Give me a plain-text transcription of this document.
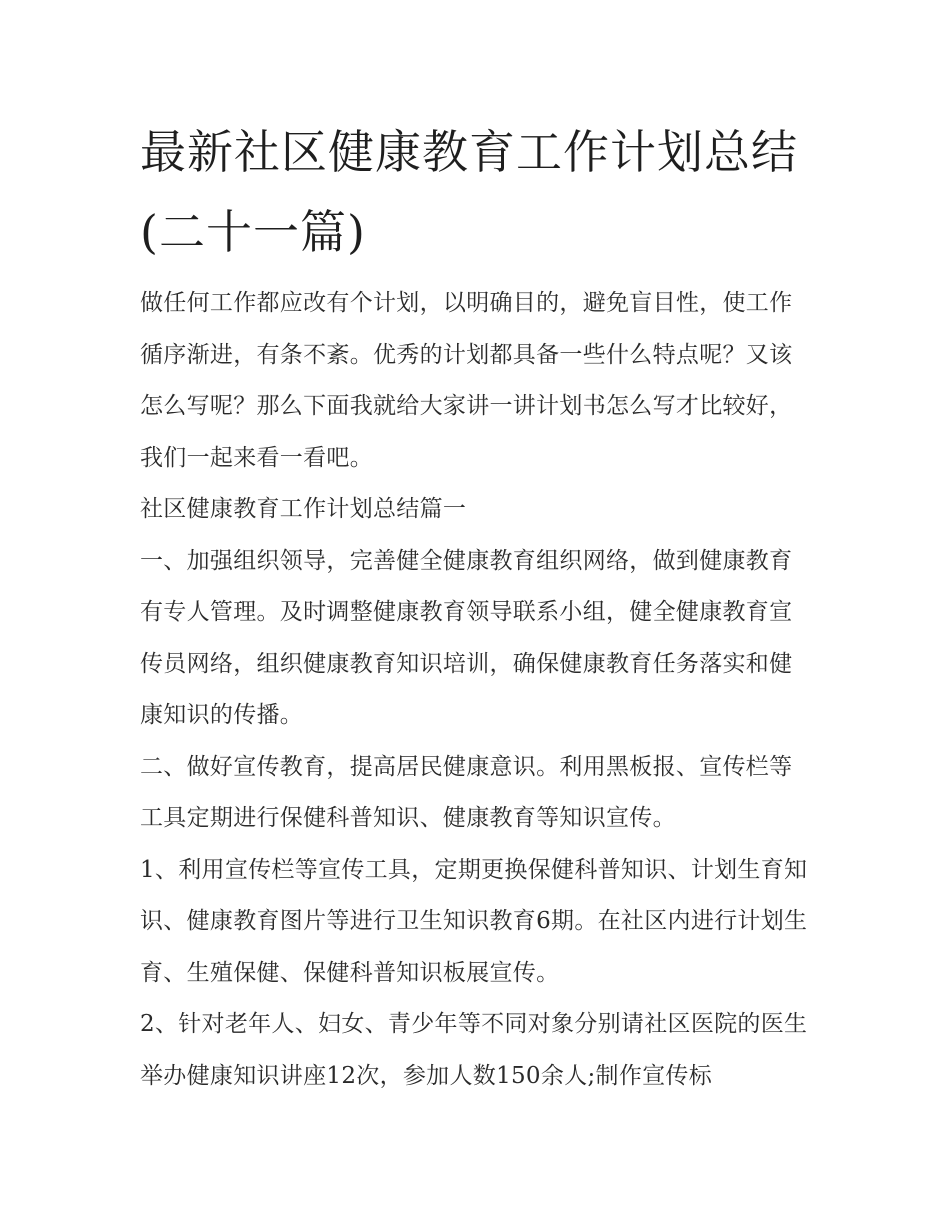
最新社区健康教育工作计划总结(二十一篇)

做任何工作都应改有个计划，以明确目的，避免盲目性，使工作循序渐进，有条不紊。优秀的计划都具备一些什么特点呢？又该怎么写呢？那么下面我就给大家讲一讲计划书怎么写才比较好，我们一起来看一看吧。

社区健康教育工作计划总结篇一

一、加强组织领导，完善健全健康教育组织网络，做到健康教育有专人管理。及时调整健康教育领导联系小组，健全健康教育宣传员网络，组织健康教育知识培训，确保健康教育任务落实和健康知识的传播。

二、做好宣传教育，提高居民健康意识。利用黑板报、宣传栏等工具定期进行保健科普知识、健康教育等知识宣传。

1、利用宣传栏等宣传工具，定期更换保健科普知识、计划生育知识、健康教育图片等进行卫生知识教育6期。在社区内进行计划生育、生殖保健、保健科普知识板展宣传。

2、针对老年人、妇女、青少年等不同对象分别请社区医院的医生举办健康知识讲座12次，参加人数150余人;制作宣传标
